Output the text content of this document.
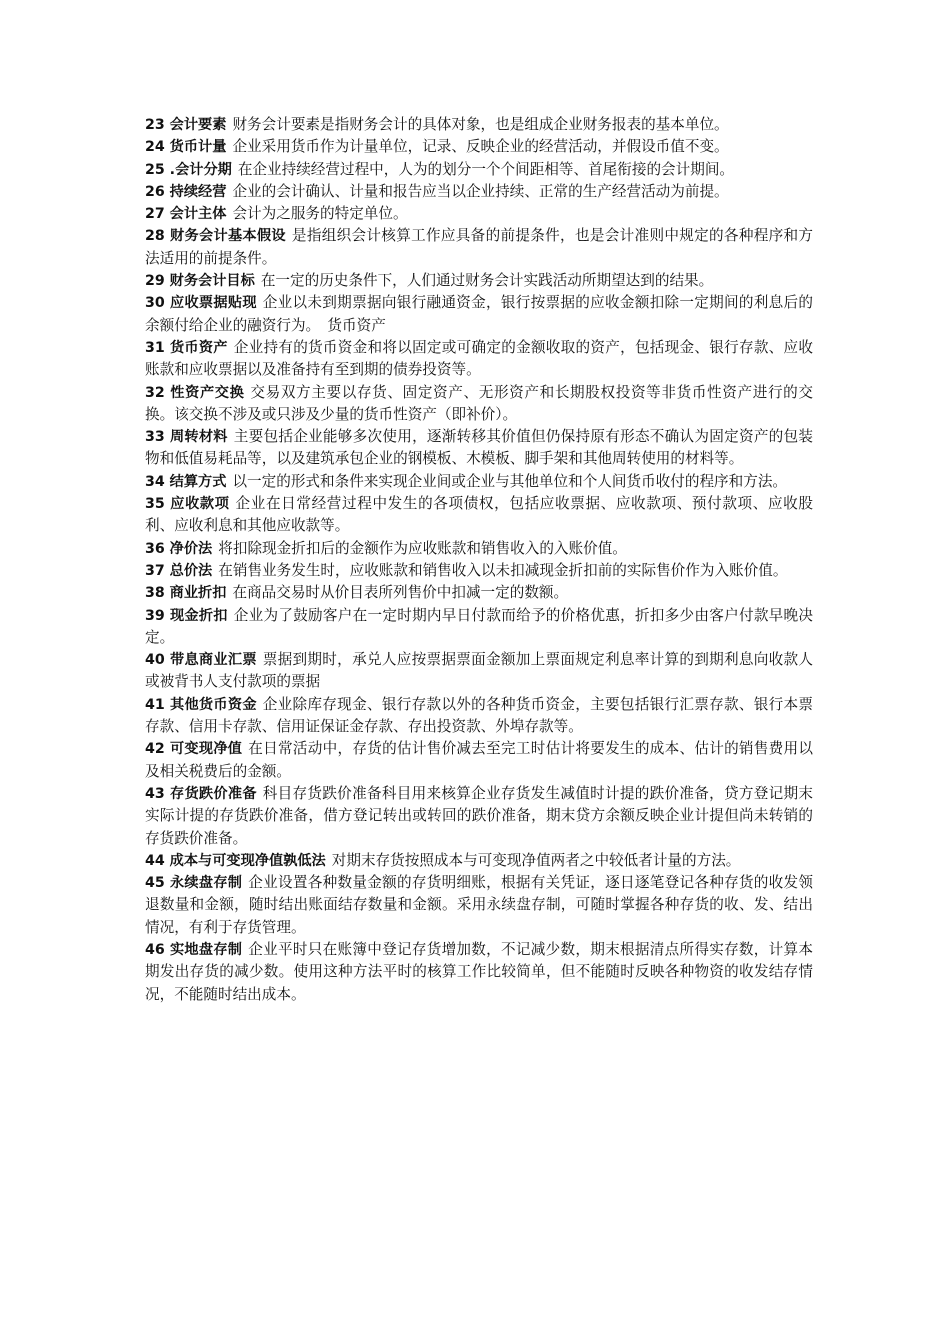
23 会计要素 财务会计要素是指财务会计的具体对象，也是组成企业财务报表的基本单位。

24 货币计量 企业采用货币作为计量单位，记录、反映企业的经营活动，并假设币值不变。

25 .会计分期 在企业持续经营过程中，人为的划分一个个间距相等、首尾衔接的会计期间。

26 持续经营 企业的会计确认、计量和报告应当以企业持续、正常的生产经营活动为前提。

27 会计主体 会计为之服务的特定单位。

28 财务会计基本假设 是指组织会计核算工作应具备的前提条件，也是会计准则中规定的各种程序和方法适用的前提条件。

29 财务会计目标 在一定的历史条件下，人们通过财务会计实践活动所期望达到的结果。

30 应收票据贴现 企业以未到期票据向银行融通资金，银行按票据的应收金额扣除一定期间的利息后的余额付给企业的融资行为。　货币资产

31 货币资产 企业持有的货币资金和将以固定或可确定的金额收取的资产，包括现金、银行存款、应收账款和应收票据以及准备持有至到期的债券投资等。

32 性资产交换 交易双方主要以存货、固定资产、无形资产和长期股权投资等非货币性资产进行的交换。该交换不涉及或只涉及少量的货币性资产（即补价）。

33 周转材料 主要包括企业能够多次使用，逐渐转移其价值但仍保持原有形态不确认为固定资产的包装物和低值易耗品等，以及建筑承包企业的钢模板、木模板、脚手架和其他周转使用的材料等。

34 结算方式 以一定的形式和条件来实现企业间或企业与其他单位和个人间货币收付的程序和方法。

35 应收款项 企业在日常经营过程中发生的各项债权，包括应收票据、应收款项、预付款项、应收股利、应收利息和其他应收款等。

36 净价法 将扣除现金折扣后的金额作为应收账款和销售收入的入账价值。

37 总价法 在销售业务发生时，应收账款和销售收入以未扣减现金折扣前的实际售价作为入账价值。

38 商业折扣 在商品交易时从价目表所列售价中扣减一定的数额。

39 现金折扣 企业为了鼓励客户在一定时期内早日付款而给予的价格优惠，折扣多少由客户付款早晚决定。

40 带息商业汇票 票据到期时，承兑人应按票据票面金额加上票面规定利息率计算的到期利息向收款人或被背书人支付款项的票据

41 其他货币资金 企业除库存现金、银行存款以外的各种货币资金，主要包括银行汇票存款、银行本票存款、信用卡存款、信用证保证金存款、存出投资款、外埠存款等。

42 可变现净值 在日常活动中，存货的估计售价减去至完工时估计将要发生的成本、估计的销售费用以及相关税费后的金额。

43 存货跌价准备 科目存货跌价准备科目用来核算企业存货发生减值时计提的跌价准备，贷方登记期末实际计提的存货跌价准备，借方登记转出或转回的跌价准备，期末贷方余额反映企业计提但尚未转销的存货跌价准备。

44 成本与可变现净值孰低法 对期末存货按照成本与可变现净值两者之中较低者计量的方法。

45 永续盘存制 企业设置各种数量金额的存货明细账，根据有关凭证，逐日逐笔登记各种存货的收发领退数量和金额，随时结出账面结存数量和金额。采用永续盘存制，可随时掌握各种存货的收、发、结出情况，有利于存货管理。

46 实地盘存制 企业平时只在账簿中登记存货增加数，不记减少数，期末根据清点所得实存数，计算本期发出存货的减少数。使用这种方法平时的核算工作比较简单，但不能随时反映各种物资的收发结存情况，不能随时结出成本。
